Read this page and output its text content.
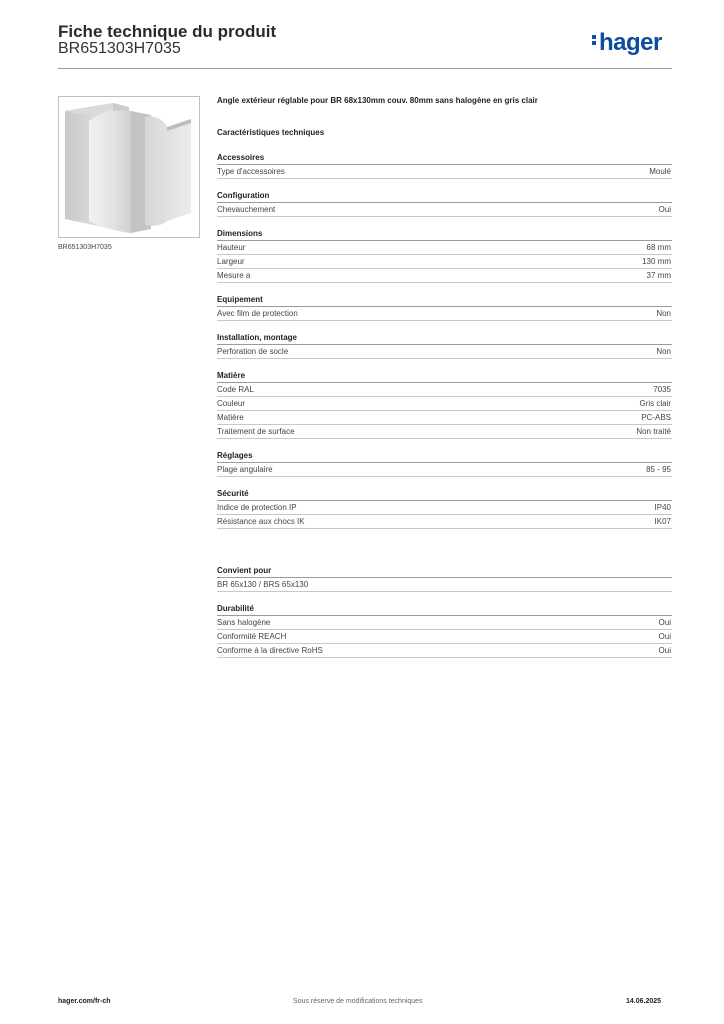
Fiche technique du produit
BR651303H7035	hager
BR651303H7035

Angle extérieur réglable pour BR 68x130mm couv. 80mm sans halogène en gris clair

Caractéristiques techniques

Accessoires
Type d'accessoires	Moulé
Configuration
Chevauchement	Oui
Dimensions
Hauteur	68 mm
Largeur	130 mm
Mesure a	37 mm
Equipement
Avec film de protection	Non
Installation, montage
Perforation de socle	Non
Matière
Code RAL	7035
Couleur	Gris clair
Matière	PC-ABS
Traitement de surface	Non traité
Réglages
Plage angulaire	85 - 95
Sécurité
Indice de protection IP	IP40
Résistance aux chocs IK	IK07
Convient pour
BR 65x130 / BRS 65x130
Durabilité
Sans halogène	Oui
Conformité REACH	Oui
Conforme à la directive RoHS	Oui
hager.com/fr-ch	Sous réserve de modifications techniques	14.06.2025
